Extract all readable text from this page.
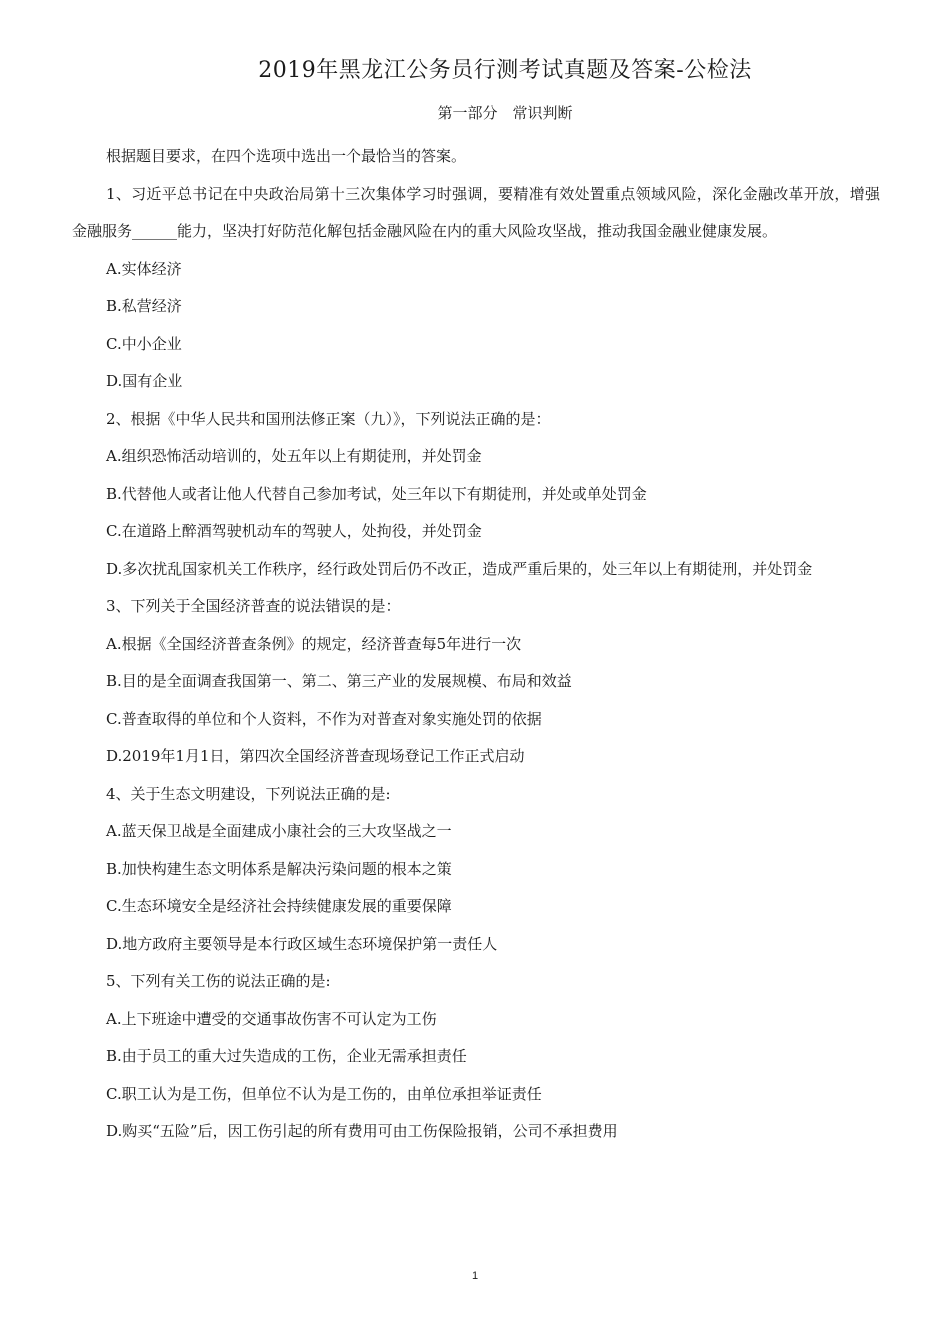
2019年黑龙江公务员行测考试真题及答案-公检法
第一部分　常识判断

根据题目要求，在四个选项中选出一个最恰当的答案。

1、习近平总书记在中央政治局第十三次集体学习时强调，要精准有效处置重点领域风险，深化金融改革开放，增强金融服务______能力，坚决打好防范化解包括金融风险在内的重大风险攻坚战，推动我国金融业健康发展。

A.实体经济

B.私营经济

C.中小企业

D.国有企业

2、根据《中华人民共和国刑法修正案（九）》，下列说法正确的是：

A.组织恐怖活动培训的，处五年以上有期徒刑，并处罚金

B.代替他人或者让他人代替自己参加考试，处三年以下有期徒刑，并处或单处罚金

C.在道路上醉酒驾驶机动车的驾驶人，处拘役，并处罚金

D.多次扰乱国家机关工作秩序，经行政处罚后仍不改正，造成严重后果的，处三年以上有期徒刑，并处罚金

3、下列关于全国经济普查的说法错误的是：

A.根据《全国经济普查条例》的规定，经济普查每5年进行一次

B.目的是全面调查我国第一、第二、第三产业的发展规模、布局和效益

C.普查取得的单位和个人资料，不作为对普查对象实施处罚的依据

D.2019年1月1日，第四次全国经济普查现场登记工作正式启动

4、关于生态文明建设，下列说法正确的是:

A.蓝天保卫战是全面建成小康社会的三大攻坚战之一

B.加快构建生态文明体系是解决污染问题的根本之策

C.生态环境安全是经济社会持续健康发展的重要保障

D.地方政府主要领导是本行政区域生态环境保护第一责任人

5、下列有关工伤的说法正确的是:

A.上下班途中遭受的交通事故伤害不可认定为工伤

B.由于员工的重大过失造成的工伤，企业无需承担责任

C.职工认为是工伤，但单位不认为是工伤的，由单位承担举证责任

D.购买“五险”后，因工伤引起的所有费用可由工伤保险报销，公司不承担费用

1
